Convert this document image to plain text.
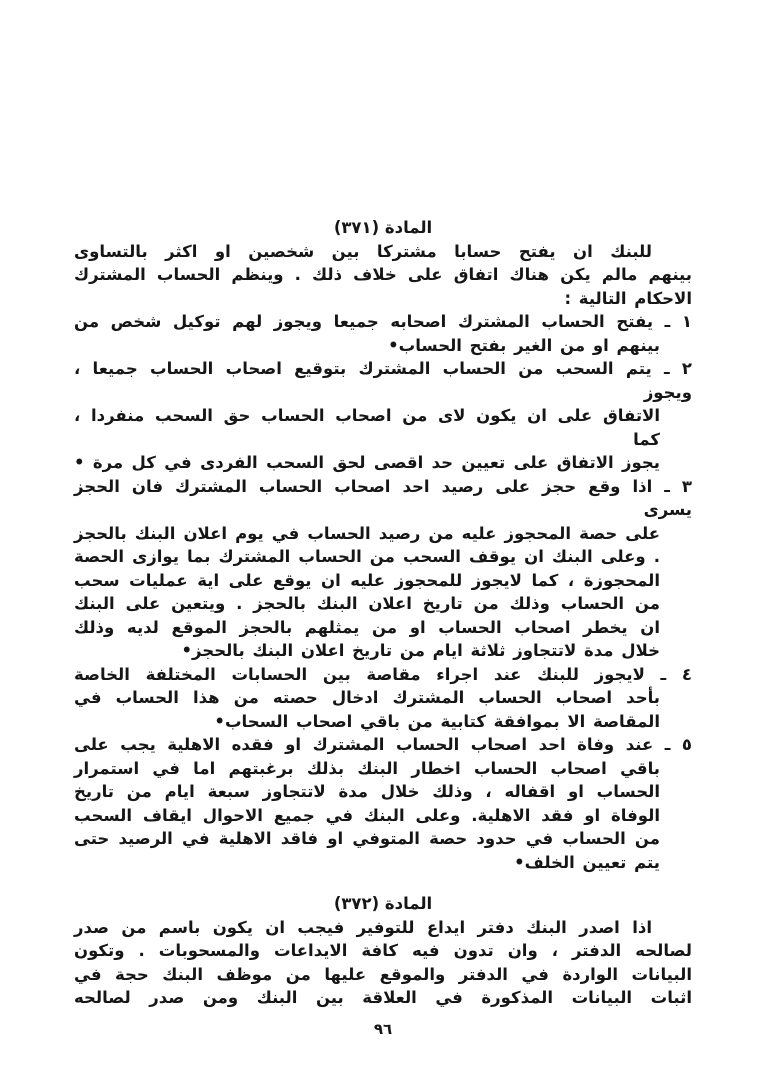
المادة (٣٧١)

للبنك ان يفتح حسابا مشتركا بين شخصين او اكثر بالتساوى

بينهم مالم يكن هناك اتفاق على خلاف ذلك . وينظم الحساب المشترك

الاحكام التالية :

١ ـ يفتح الحساب المشترك اصحابه جميعا ويجوز لهم توكيل شخص من

بينهم او من الغير بفتح الحساب•

٢ ـ يتم السحب من الحساب المشترك بتوقيع اصحاب الحساب جميعا ، ويجوز

الاتفاق على ان يكون لاى من اصحاب الحساب حق السحب منفردا ، كما

يجوز الاتفاق على تعيين حد اقصى لحق السحب الفردى في كل مرة •

٣ ـ اذا وقع حجز على رصيد احد اصحاب الحساب المشترك فان الحجز يسرى

على حصة المحجوز عليه من رصيد الحساب في يوم اعلان البنك بالحجز

. وعلى البنك ان يوقف السحب من الحساب المشترك بما يوازى الحصة

المحجوزة ، كما لايجوز للمحجوز عليه ان يوقع على اية عمليات سحب

من الحساب وذلك من تاريخ اعلان البنك بالحجز . ويتعين على البنك

ان يخطر اصحاب الحساب او من يمثلهم بالحجز الموقع لديه وذلك

خلال مدة لاتتجاوز ثلاثة ايام من تاريخ اعلان البنك بالحجز•

٤ ـ لايجوز للبنك عند اجراء مقاصة بين الحسابات المختلفة الخاصة

بأحد اصحاب الحساب المشترك ادخال حصته من هذا الحساب في

المقاصة الا بموافقة كتابية من باقي اصحاب السحاب•

٥ ـ عند وفاة احد اصحاب الحساب المشترك او فقده الاهلية يجب على

باقي اصحاب الحساب اخطار البنك بذلك برغبتهم اما في استمرار

الحساب او اقفاله ، وذلك خلال مدة لاتتجاوز سبعة ايام من تاريخ

الوفاة او فقد الاهلية. وعلى البنك في جميع الاحوال ايقاف السحب

من الحساب في حدود حصة المتوفي او فاقد الاهلية في الرصيد حتى

يتم تعيين الخلف•

المادة (٣٧٢)

اذا اصدر البنك دفتر ايداع للتوفير فيجب ان يكون باسم من صدر

لصالحه الدفتر ، وان تدون فيه كافة الايداعات والمسحوبات . وتكون

البيانات الواردة في الدفتر والموقع عليها من موظف البنك حجة في

اثبات البيانات المذكورة في العلاقة بين البنك ومن صدر لصالحه

٩٦
